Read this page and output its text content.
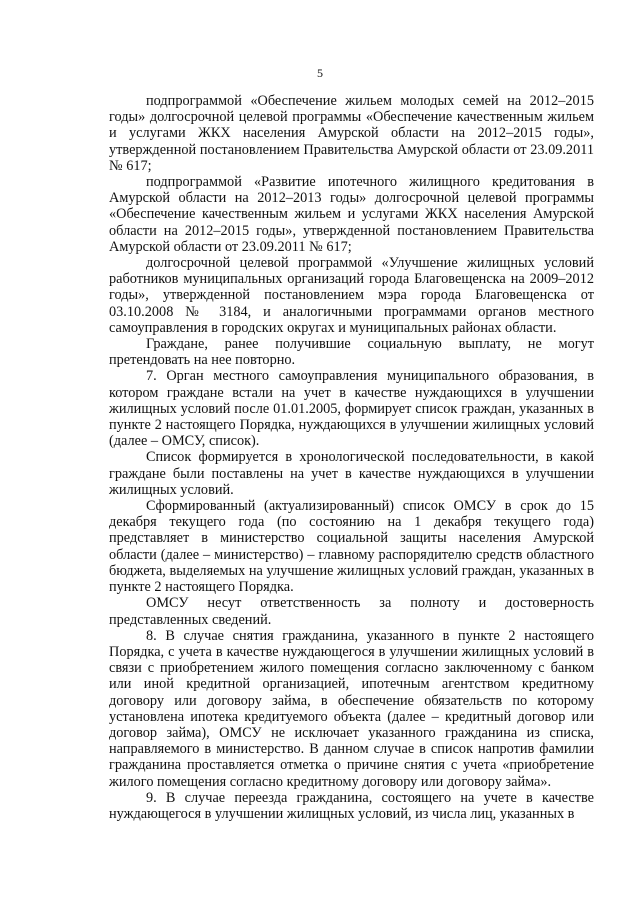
5

подпрограммой «Обеспечение жильем молодых семей на 2012–2015 годы» долгосрочной целевой программы «Обеспечение качественным жильем и услугами ЖКХ населения Амурской области на 2012–2015 годы», утвержденной постановлением Правительства Амурской области от 23.09.2011 № 617;

подпрограммой «Развитие ипотечного жилищного кредитования в Амурской области на 2012–2013 годы» долгосрочной целевой программы «Обеспечение качественным жильем и услугами ЖКХ населения Амурской области на 2012–2015 годы», утвержденной постановлением Правительства Амурской области от 23.09.2011 № 617;

долгосрочной целевой программой «Улучшение жилищных условий работников муниципальных организаций города Благовещенска на 2009–2012 годы», утвержденной постановлением мэра города Благовещенска от 03.10.2008 № 3184, и аналогичными программами органов местного самоуправления в городских округах и муниципальных районах области.

Граждане, ранее получившие социальную выплату, не могут претендовать на нее повторно.

7. Орган местного самоуправления муниципального образования, в котором граждане встали на учет в качестве нуждающихся в улучшении жилищных условий после 01.01.2005, формирует список граждан, указанных в пункте 2 настоящего Порядка, нуждающихся в улучшении жилищных условий (далее – ОМСУ, список).

Список формируется в хронологической последовательности, в какой граждане были поставлены на учет в качестве нуждающихся в улучшении жилищных условий.

Сформированный (актуализированный) список ОМСУ в срок до 15 декабря текущего года (по состоянию на 1 декабря текущего года) представляет в министерство социальной защиты населения Амурской области (далее – министерство) – главному распорядителю средств областного бюджета, выделяемых на улучшение жилищных условий граждан, указанных в пункте 2 настоящего Порядка.

ОМСУ несут ответственность за полноту и достоверность представленных сведений.

8. В случае снятия гражданина, указанного в пункте 2 настоящего Порядка, с учета в качестве нуждающегося в улучшении жилищных условий в связи с приобретением жилого помещения согласно заключенному с банком или иной кредитной организацией, ипотечным агентством кредитному договору или договору займа, в обеспечение обязательств по которому установлена ипотека кредитуемого объекта (далее – кредитный договор или договор займа), ОМСУ не исключает указанного гражданина из списка, направляемого в министерство. В данном случае в список напротив фамилии гражданина проставляется отметка о причине снятия с учета «приобретение жилого помещения согласно кредитному договору или договору займа».

9. В случае переезда гражданина, состоящего на учете в качестве нуждающегося в улучшении жилищных условий, из числа лиц, указанных в
